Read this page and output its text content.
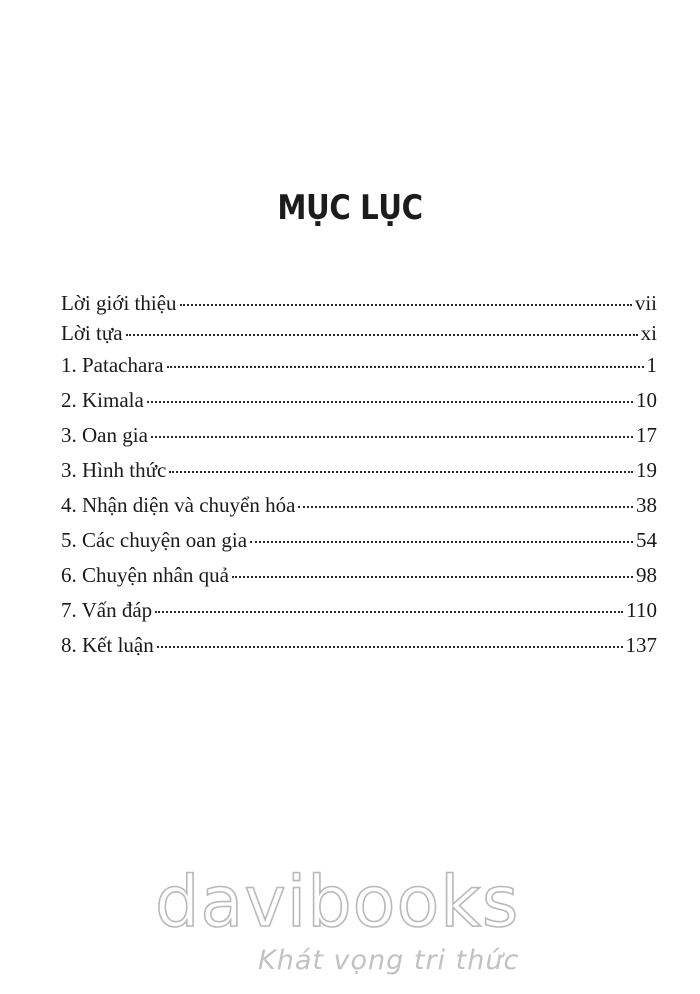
MỤC LỤC
Lời giới thiệu	vii
Lời tựa	xi
1. Patachara	1
2. Kimala	10
3. Oan gia	17
3. Hình thức	19
4. Nhận diện và chuyển hóa	38
5. Các chuyện oan gia	54
6. Chuyện nhân quả	98
7. Vấn đáp	110
8. Kết luận	137
davibooks
Khát vọng tri thức
